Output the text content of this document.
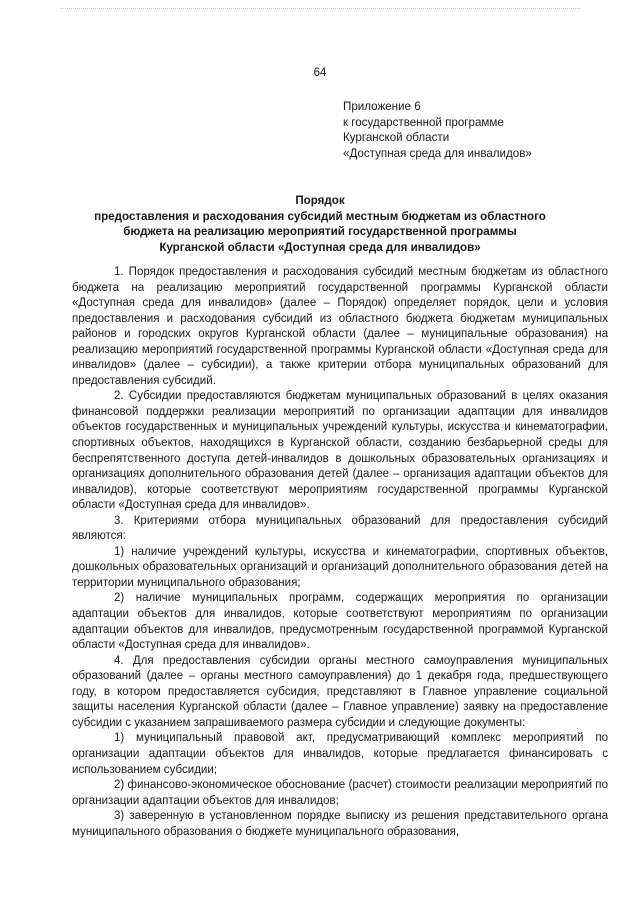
64
Приложение 6
к государственной программе
Курганской области
«Доступная среда для инвалидов»
Порядок
предоставления и расходования субсидий местным бюджетам из областного
бюджета на реализацию мероприятий государственной программы
Курганской области «Доступная среда для инвалидов»

1. Порядок предоставления и расходования субсидий местным бюджетам из областного бюджета на реализацию мероприятий государственной программы Курганской области «Доступная среда для инвалидов» (далее – Порядок) определяет порядок, цели и условия предоставления и расходования субсидий из областного бюджета бюджетам муниципальных районов и городских округов Курганской области (далее – муниципальные образования) на реализацию мероприятий государственной программы Курганской области «Доступная среда для инвалидов» (далее – субсидии), а также критерии отбора муниципальных образований для предоставления субсидий.

2. Субсидии предоставляются бюджетам муниципальных образований в целях оказания финансовой поддержки реализации мероприятий по организации адаптации для инвалидов объектов государственных и муниципальных учреждений культуры, искусства и кинематографии, спортивных объектов, находящихся в Курганской области, созданию безбарьерной среды для беспрепятственного доступа детей-инвалидов в дошкольных образовательных организациях и организациях дополнительного образования детей (далее – организация адаптации объектов для инвалидов), которые соответствуют мероприятиям государственной программы Курганской области «Доступная среда для инвалидов».

3. Критериями отбора муниципальных образований для предоставления субсидий являются:

1) наличие учреждений культуры, искусства и кинематографии, спортивных объектов, дошкольных образовательных организаций и организаций дополнительного образования детей на территории муниципального образования;

2) наличие муниципальных программ, содержащих мероприятия по организации адаптации объектов для инвалидов, которые соответствуют мероприятиям по организации адаптации объектов для инвалидов, предусмотренным государственной программой Курганской области «Доступная среда для инвалидов».

4. Для предоставления субсидии органы местного самоуправления муниципальных образований (далее – органы местного самоуправления) до 1 декабря года, предшествующего году, в котором предоставляется субсидия, представляют в Главное управление социальной защиты населения Курганской области (далее – Главное управление) заявку на предоставление субсидии с указанием запрашиваемого размера субсидии и следующие документы:

1) муниципальный правовой акт, предусматривающий комплекс мероприятий по организации адаптации объектов для инвалидов, которые предлагается финансировать с использованием субсидии;

2) финансово-экономическое обоснование (расчет) стоимости реализации мероприятий по организации адаптации объектов для инвалидов;

3) заверенную в установленном порядке выписку из решения представительного органа муниципального образования о бюджете муниципального образования,
